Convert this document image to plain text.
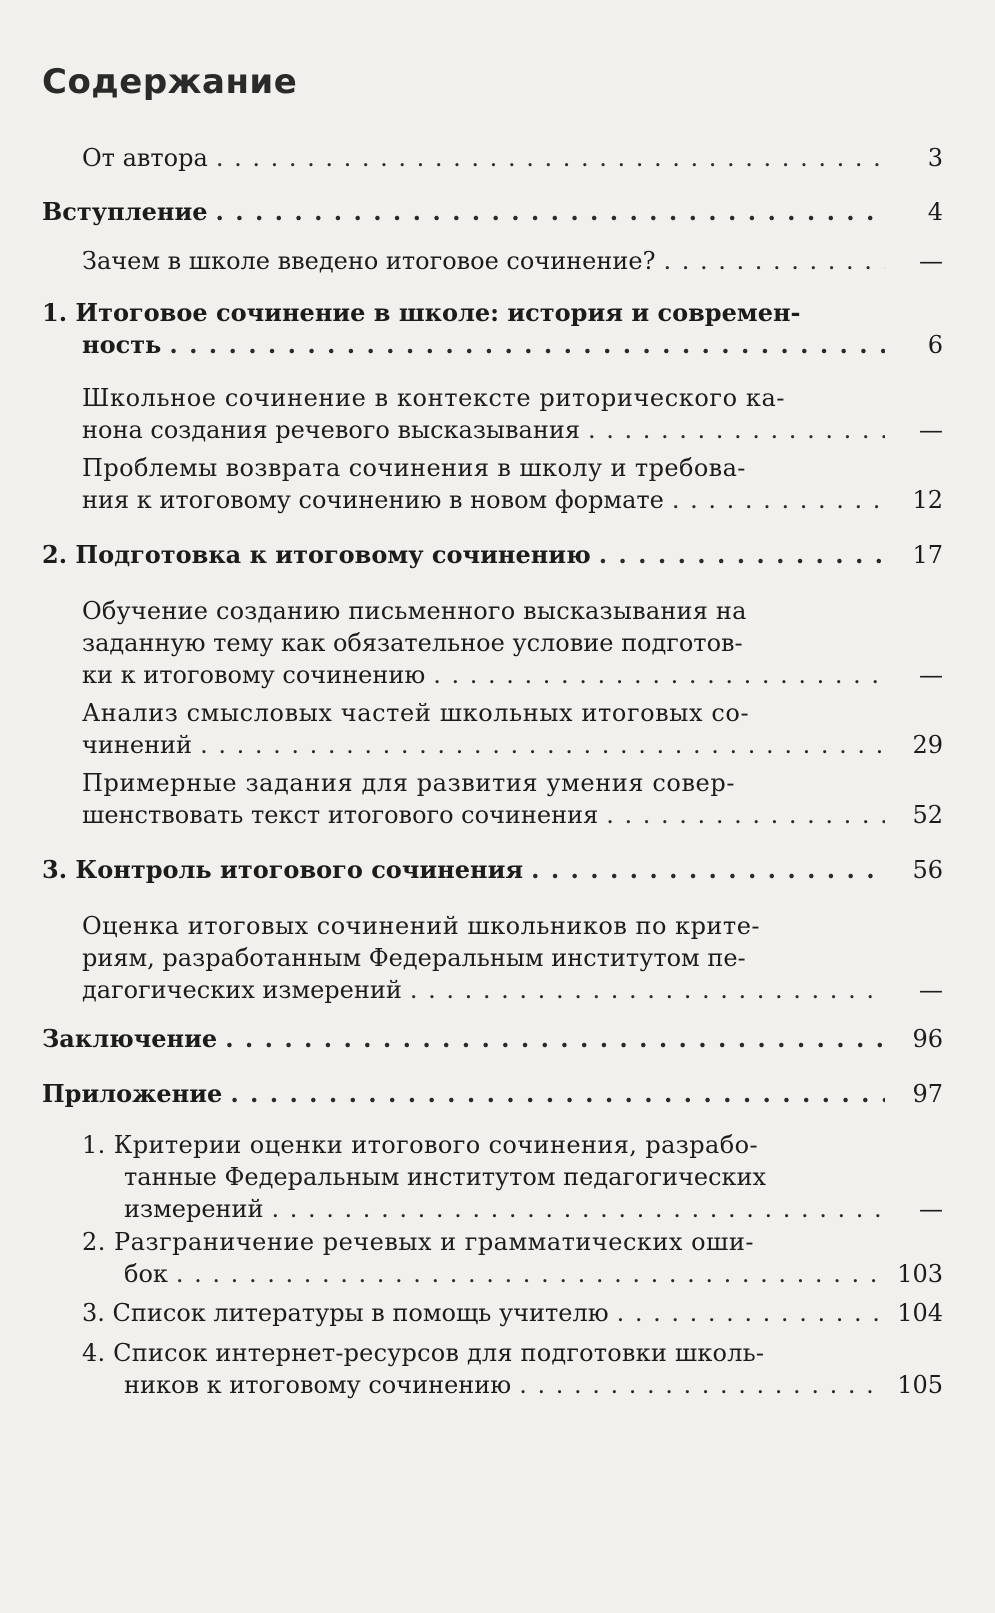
Содержание
От автора . . .	3
Вступление . . .	4
Зачем в школе введено итоговое сочинение? . . .	—
1. Итоговое сочинение в школе: история и современ-
ность . . .	6
Школьное сочинение в контексте риторического ка-
нона создания речевого высказывания . . .	—
Проблемы возврата сочинения в школу и требова-
ния к итоговому сочинению в новом формате . . .	12
2. Подготовка к итоговому сочинению . . .	17
Обучение созданию письменного высказывания на
заданную тему как обязательное условие подготов-
ки к итоговому сочинению . . .	—
Анализ смысловых частей школьных итоговых со-
чинений . . .	29
Примерные задания для развития умения совер-
шенствовать текст итогового сочинения . . .	52
3. Контроль итогового сочинения . . .	56
Оценка итоговых сочинений школьников по крите-
риям, разработанным Федеральным институтом пе-
дагогических измерений . . .	—
Заключение . . .	96
Приложение . . .	97
1. Критерии оценки итогового сочинения, разрабо-
танные Федеральным институтом педагогических
измерений . . .	—
2. Разграничение речевых и грамматических оши-
бок . . .	103
3. Список литературы в помощь учителю . . .	104
4. Список интернет-ресурсов для подготовки школь-
ников к итоговому сочинению . . .	105
